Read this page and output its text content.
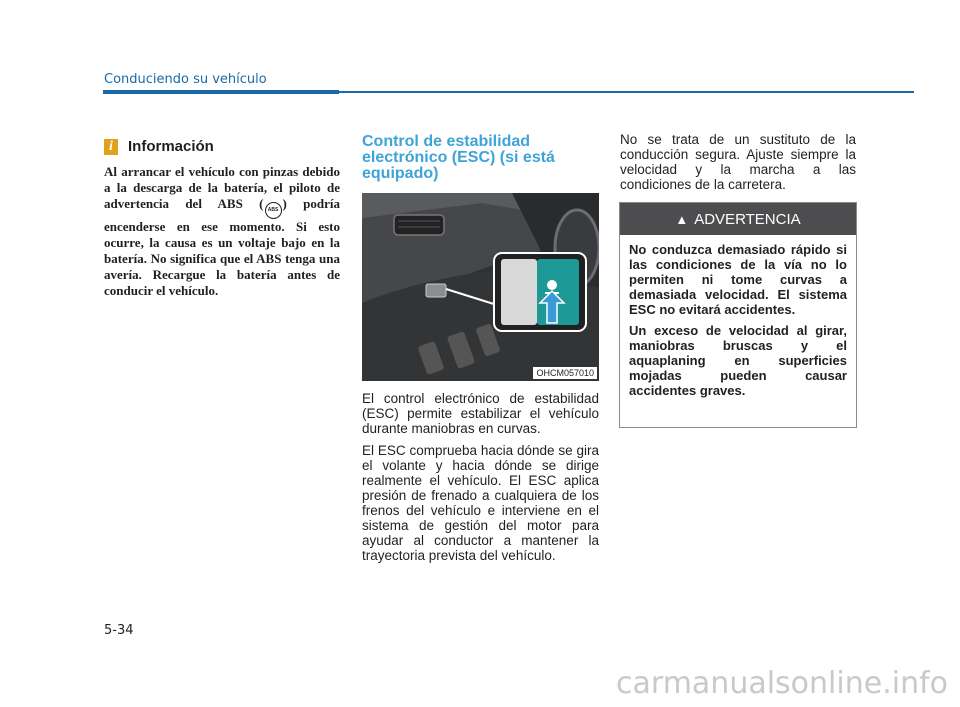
Conduciendo su vehículo
i	Información
Al arrancar el vehículo con pinzas debido a la descarga de la batería, el piloto de advertencia del ABS ( ABS ) podría encenderse en ese momento. Si esto ocurre, la causa es un voltaje bajo en la batería. No significa que el ABS tenga una avería. Recargue la batería antes de conducir el vehículo.
Control de estabilidad electrónico (ESC) (si está equipado)
OHCM057010

El control electrónico de estabilidad (ESC) permite estabilizar el vehículo durante maniobras en curvas.

El ESC comprueba hacia dónde se gira el volante y hacia dónde se dirige realmente el vehículo. El ESC aplica presión de frenado a cualquiera de los frenos del vehículo e interviene en el sistema de gestión del motor para ayudar al conductor a mantener la trayectoria prevista del vehículo.

No se trata de un sustituto de la conducción segura. Ajuste siempre la velocidad y la marcha a las condiciones de la carretera.

▲ ADVERTENCIA

No conduzca demasiado rápido si las condiciones de la vía no lo permiten ni tome curvas a demasiada velocidad. El sistema ESC no evitará accidentes.

Un exceso de velocidad al girar, maniobras bruscas y el aquaplaning en superficies mojadas pueden causar accidentes graves.

5-34
carmanualsonline.info
